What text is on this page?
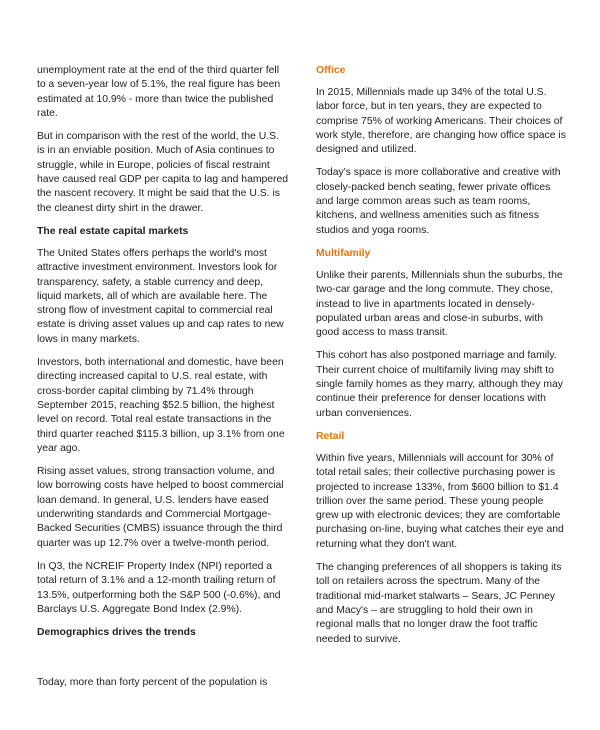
unemployment rate at the end of the third quarter fell to a seven-year low of 5.1%, the real figure has been estimated at 10.9% - more than twice the published rate.

But in comparison with the rest of the world, the U.S. is in an enviable position. Much of Asia continues to struggle, while in Europe, policies of fiscal restraint have caused real GDP per capita to lag and hampered the nascent recovery. It might be said that the U.S. is the cleanest dirty shirt in the drawer.

The real estate capital markets

The United States offers perhaps the world's most attractive investment environment. Investors look for transparency, safety, a stable currency and deep, liquid markets, all of which are available here. The strong flow of investment capital to commercial real estate is driving asset values up and cap rates to new lows in many markets.

Investors, both international and domestic, have been directing increased capital to U.S. real estate, with cross-border capital climbing by 71.4% through September 2015, reaching $52.5 billion, the highest level on record. Total real estate transactions in the third quarter reached $115.3 billion, up 3.1% from one year ago.

Rising asset values, strong transaction volume, and low borrowing costs have helped to boost commercial loan demand. In general, U.S. lenders have eased underwriting standards and Commercial Mortgage-Backed Securities (CMBS) issuance through the third quarter was up 12.7% over a twelve-month period.

In Q3, the NCREIF Property Index (NPI) reported a total return of 3.1% and a 12-month trailing return of 13.5%, outperforming both the S&P 500 (-0.6%), and Barclays U.S. Aggregate Bond Index (2.9%).

Demographics drives the trends
Today, more than forty percent of the population is
Office

In 2015, Millennials made up 34% of the total U.S. labor force, but in ten years, they are expected to comprise 75% of working Americans. Their choices of work style, therefore, are changing how office space is designed and utilized.

Today's space is more collaborative and creative with closely-packed bench seating, fewer private offices and large common areas such as team rooms, kitchens, and wellness amenities such as fitness studios and yoga rooms.

Multifamily

Unlike their parents, Millennials shun the suburbs, the two-car garage and the long commute. They chose, instead to live in apartments located in densely-populated urban areas and close-in suburbs, with good access to mass transit.

This cohort has also postponed marriage and family. Their current choice of multifamily living may shift to single family homes as they marry, although they may continue their preference for denser locations with urban conveniences.

Retail

Within five years, Millennials will account for 30% of total retail sales; their collective purchasing power is projected to increase 133%, from $600 billion to $1.4 trillion over the same period. These young people grew up with electronic devices; they are comfortable purchasing on-line, buying what catches their eye and returning what they don't want.

The changing preferences of all shoppers is taking its toll on retailers across the spectrum. Many of the traditional mid-market stalwarts – Sears, JC Penney and Macy's – are struggling to hold their own in regional malls that no longer draw the foot traffic needed to survive.
